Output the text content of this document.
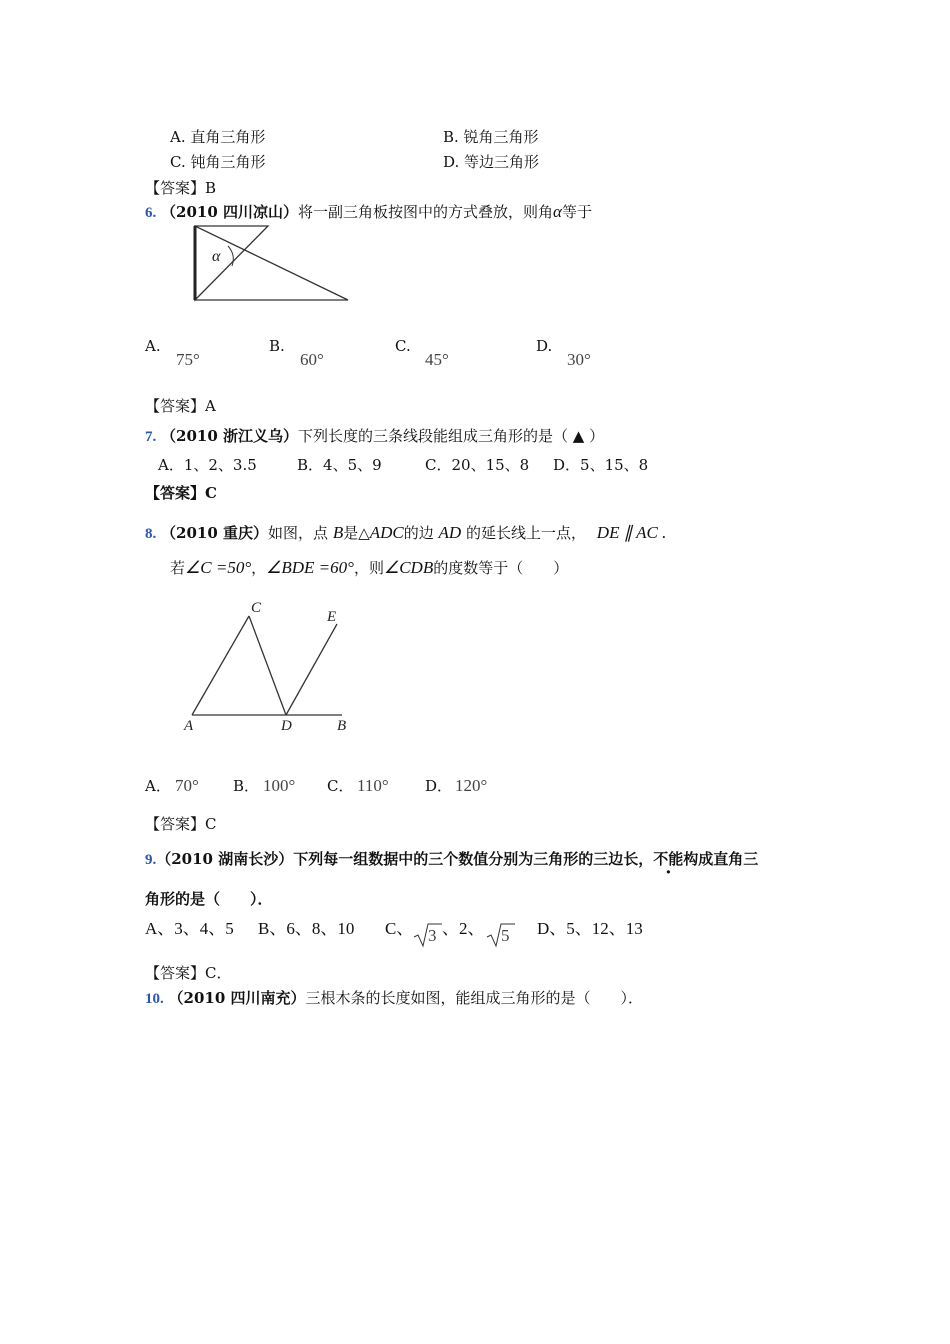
A. 直角三角形	B. 锐角三角形
C. 钝角三角形	D. 等边三角形
【答案】B
6. （2010 四川凉山）将一副三角板按图中的方式叠放，则角α等于
α
A.
75°
B.
60°
C.
45°
D.
30°
【答案】A
7. （2010 浙江义乌）下列长度的三条线段能组成三角形的是（ ▲ ）
A．1、2、3.5	B．4、5、9	C．20、15、8 D．5、15、8
【答案】C
8. （2010 重庆）如图，点 B是△ADC的边 AD 的延长线上一点， DE ∥ AC .
若∠C =50°，∠BDE =60°，则∠CDB的度数等于（　　）
C
E
A	D	B
A． 70° B． 100° C． 110° D． 120°
【答案】C
9.（2010 湖南长沙）下列每一组数据中的三个数值分别为三角形的三边长，不能构成直角三
角形的是（　　）．
A、3、4、5 B、6、8、10 C、 3 、2、 5 D、5、12、13
【答案】C．
10. （2010 四川南充）三根木条的长度如图，能组成三角形的是（　　）．
